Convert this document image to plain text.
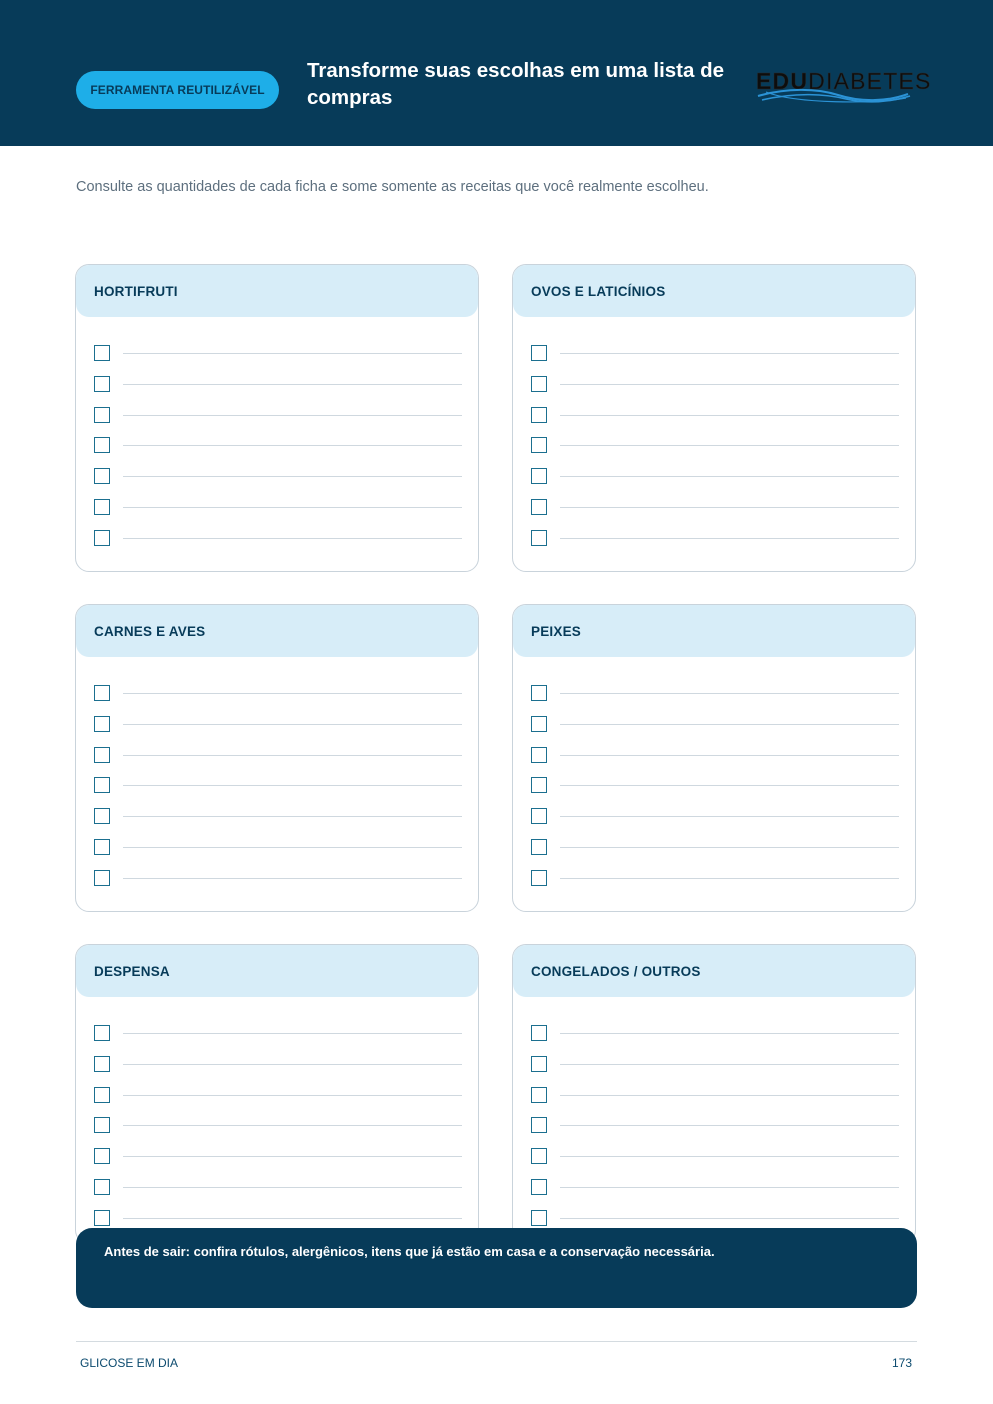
FERRAMENTA REUTILIZÁVEL
Transforme suas escolhas em uma lista de compras
EDUDIABETES
Consulte as quantidades de cada ficha e some somente as receitas que você realmente escolheu.
HORTIFRUTI	OVOS E LATICÍNIOS
CARNES E AVES	PEIXES
DESPENSA	CONGELADOS / OUTROS
Antes de sair: confira rótulos, alergênicos, itens que já estão em casa e a conservação necessária.
GLICOSE EM DIA	173
